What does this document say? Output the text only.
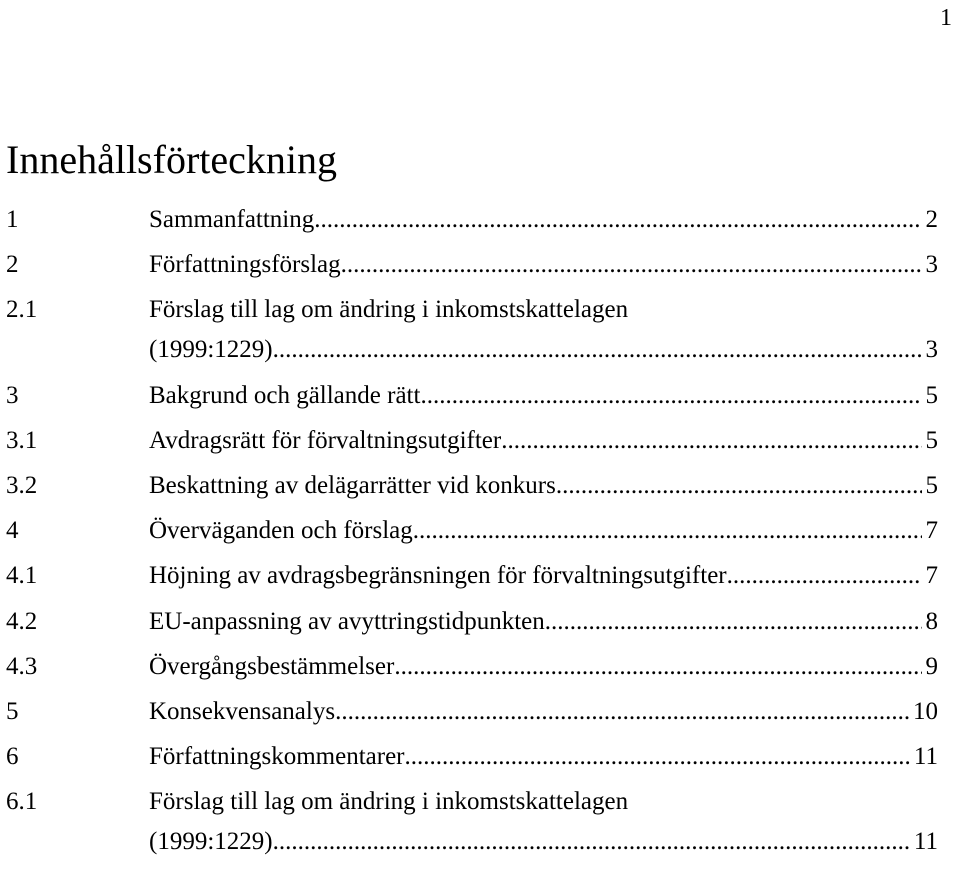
1
Innehållsförteckning
1	Sammanfattning .....	2
2	Författningsförslag .....	3
2.1	Förslag till lag om ändring i inkomstskattelagen
(1999:1229) .....	3
3	Bakgrund och gällande rätt .....	5
3.1	Avdragsrätt för förvaltningsutgifter .....	5
3.2	Beskattning av delägarrätter vid konkurs .....	5
4	Överväganden och förslag .....	7
4.1	Höjning av avdragsbegränsningen för förvaltningsutgifter .....	7
4.2	EU-anpassning av avyttringstidpunkten .....	8
4.3	Övergångsbestämmelser .....	9
5	Konsekvensanalys .....	10
6	Författningskommentarer .....	11
6.1	Förslag till lag om ändring i inkomstskattelagen
(1999:1229) .....	11
